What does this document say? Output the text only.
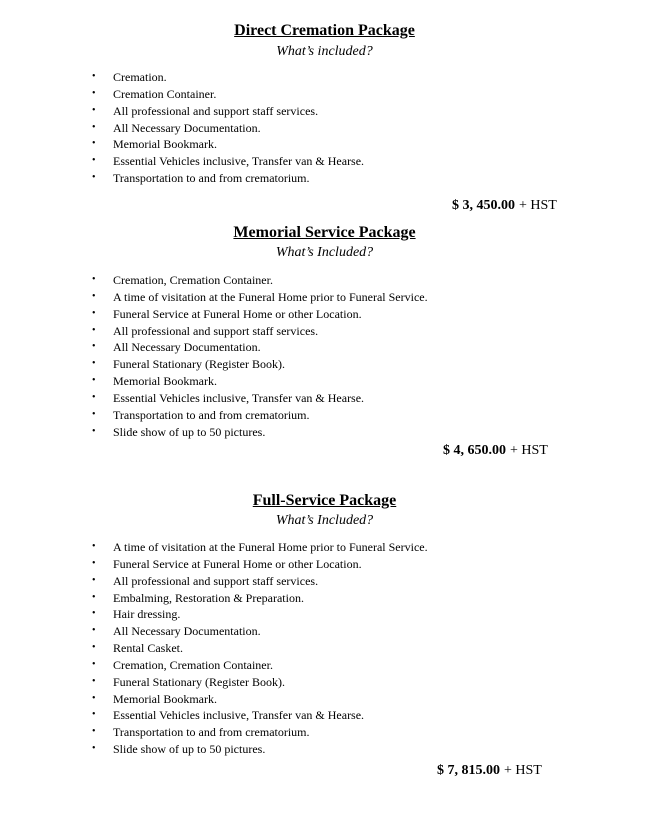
Direct Cremation Package
What’s included?
• Cremation.
• Cremation Container.
• All professional and support staff services.
• All Necessary Documentation.
• Memorial Bookmark.
• Essential Vehicles inclusive, Transfer van & Hearse.
• Transportation to and from crematorium.
$ 3, 450.00 + HST
Memorial Service Package
What’s Included?
• Cremation, Cremation Container.
• A time of visitation at the Funeral Home prior to Funeral Service.
• Funeral Service at Funeral Home or other Location.
• All professional and support staff services.
• All Necessary Documentation.
• Funeral Stationary (Register Book).
• Memorial Bookmark.
• Essential Vehicles inclusive, Transfer van & Hearse.
• Transportation to and from crematorium.
• Slide show of up to 50 pictures.
$ 4, 650.00 + HST
Full-Service Package
What’s Included?
• A time of visitation at the Funeral Home prior to Funeral Service.
• Funeral Service at Funeral Home or other Location.
• All professional and support staff services.
• Embalming, Restoration & Preparation.
• Hair dressing.
• All Necessary Documentation.
• Rental Casket.
• Cremation, Cremation Container.
• Funeral Stationary (Register Book).
• Memorial Bookmark.
• Essential Vehicles inclusive, Transfer van & Hearse.
• Transportation to and from crematorium.
• Slide show of up to 50 pictures.
$ 7, 815.00 + HST
